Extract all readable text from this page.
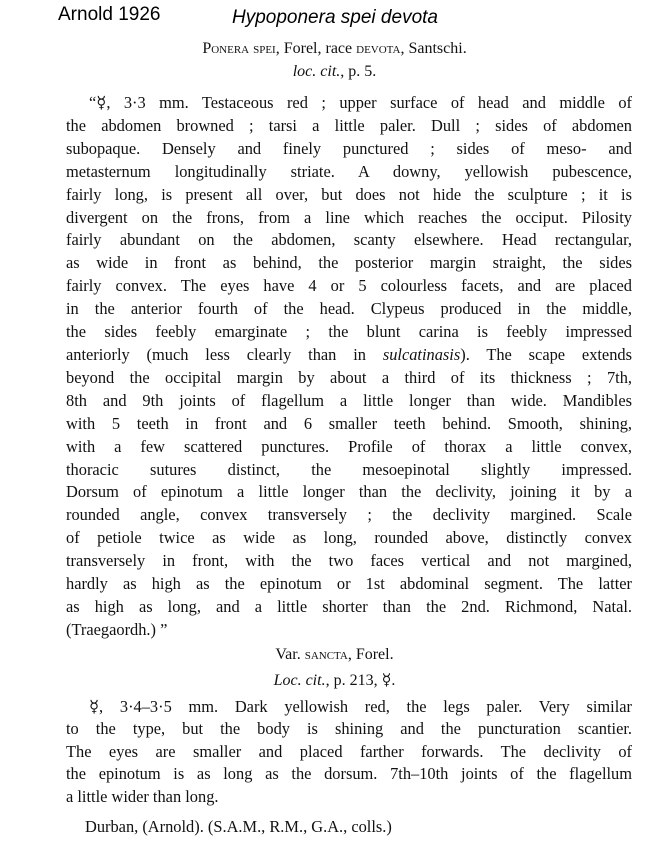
Arnold 1926	Hypoponera spei devota
Ponera spei, Forel, race devota, Santschi.
loc. cit., p. 5.
“☿, 3·3 mm. Testaceous red ; upper surface of head and middle of
the abdomen browned ; tarsi a little paler. Dull ; sides of abdomen
subopaque. Densely and finely punctured ; sides of meso- and
metasternum longitudinally striate. A downy, yellowish pubescence,
fairly long, is present all over, but does not hide the sculpture ; it is
divergent on the frons, from a line which reaches the occiput. Pilosity
fairly abundant on the abdomen, scanty elsewhere. Head rectangular,
as wide in front as behind, the posterior margin straight, the sides
fairly convex. The eyes have 4 or 5 colourless facets, and are placed
in the anterior fourth of the head. Clypeus produced in the middle,
the sides feebly emarginate ; the blunt carina is feebly impressed
anteriorly (much less clearly than in sulcatinasis). The scape extends
beyond the occipital margin by about a third of its thickness ; 7th,
8th and 9th joints of flagellum a little longer than wide. Mandibles
with 5 teeth in front and 6 smaller teeth behind. Smooth, shining,
with a few scattered punctures. Profile of thorax a little convex,
thoracic sutures distinct, the mesoepinotal slightly impressed.
Dorsum of epinotum a little longer than the declivity, joining it by a
rounded angle, convex transversely ; the declivity margined. Scale
of petiole twice as wide as long, rounded above, distinctly convex
transversely in front, with the two faces vertical and not margined,
hardly as high as the epinotum or 1st abdominal segment. The latter
as high as long, and a little shorter than the 2nd. Richmond, Natal.
(Traegaordh.) ”
Var. sancta, Forel.
Loc. cit., p. 213, ☿.
☿, 3·4–3·5 mm. Dark yellowish red, the legs paler. Very similar
to the type, but the body is shining and the puncturation scantier.
The eyes are smaller and placed farther forwards. The declivity of
the epinotum is as long as the dorsum. 7th–10th joints of the flagellum
a little wider than long.
Durban, (Arnold). (S.A.M., R.M., G.A., colls.)
